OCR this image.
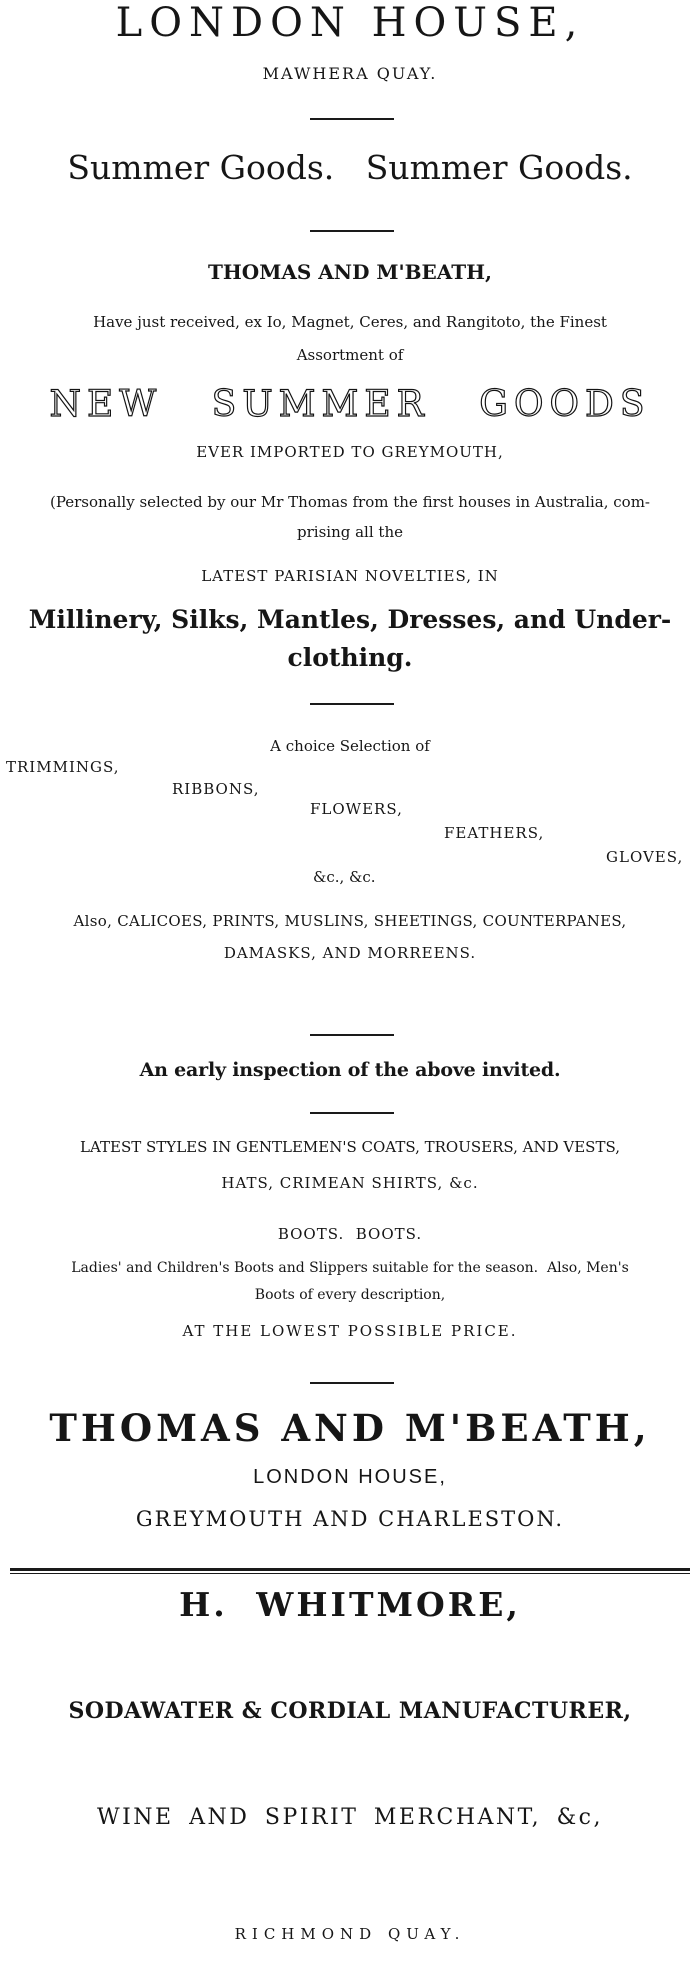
LONDON HOUSE,
MAWHERA QUAY.
Summer Goods.   Summer Goods.
THOMAS AND M'BEATH,
Have just received, ex Io, Magnet, Ceres, and Rangitoto, the Finest
Assortment of
NEW SUMMER GOODS
EVER IMPORTED TO GREYMOUTH,
(Personally selected by our Mr Thomas from the first houses in Australia, com-
prising all the
LATEST PARISIAN NOVELTIES, IN
Millinery, Silks, Mantles, Dresses, and Under-
clothing.
A choice Selection of
TRIMMINGS,
RIBBONS,
FLOWERS,
FEATHERS,
GLOVES,
&c., &c.
Also, CALICOES, PRINTS, MUSLINS, SHEETINGS, COUNTERPANES,
DAMASKS, AND MORREENS.
An early inspection of the above invited.
LATEST STYLES IN GENTLEMEN'S COATS, TROUSERS, AND VESTS,
HATS, CRIMEAN SHIRTS, &c.
BOOTS.  BOOTS.
Ladies' and Children's Boots and Slippers suitable for the season.  Also, Men's
Boots of every description,
AT THE LOWEST POSSIBLE PRICE.
THOMAS AND M'BEATH,
LONDON HOUSE,
GREYMOUTH AND CHARLESTON.
H. WHITMORE,
SODAWATER & CORDIAL MANUFACTURER,
WINE AND SPIRIT MERCHANT, &c,
RICHMOND QUAY.
